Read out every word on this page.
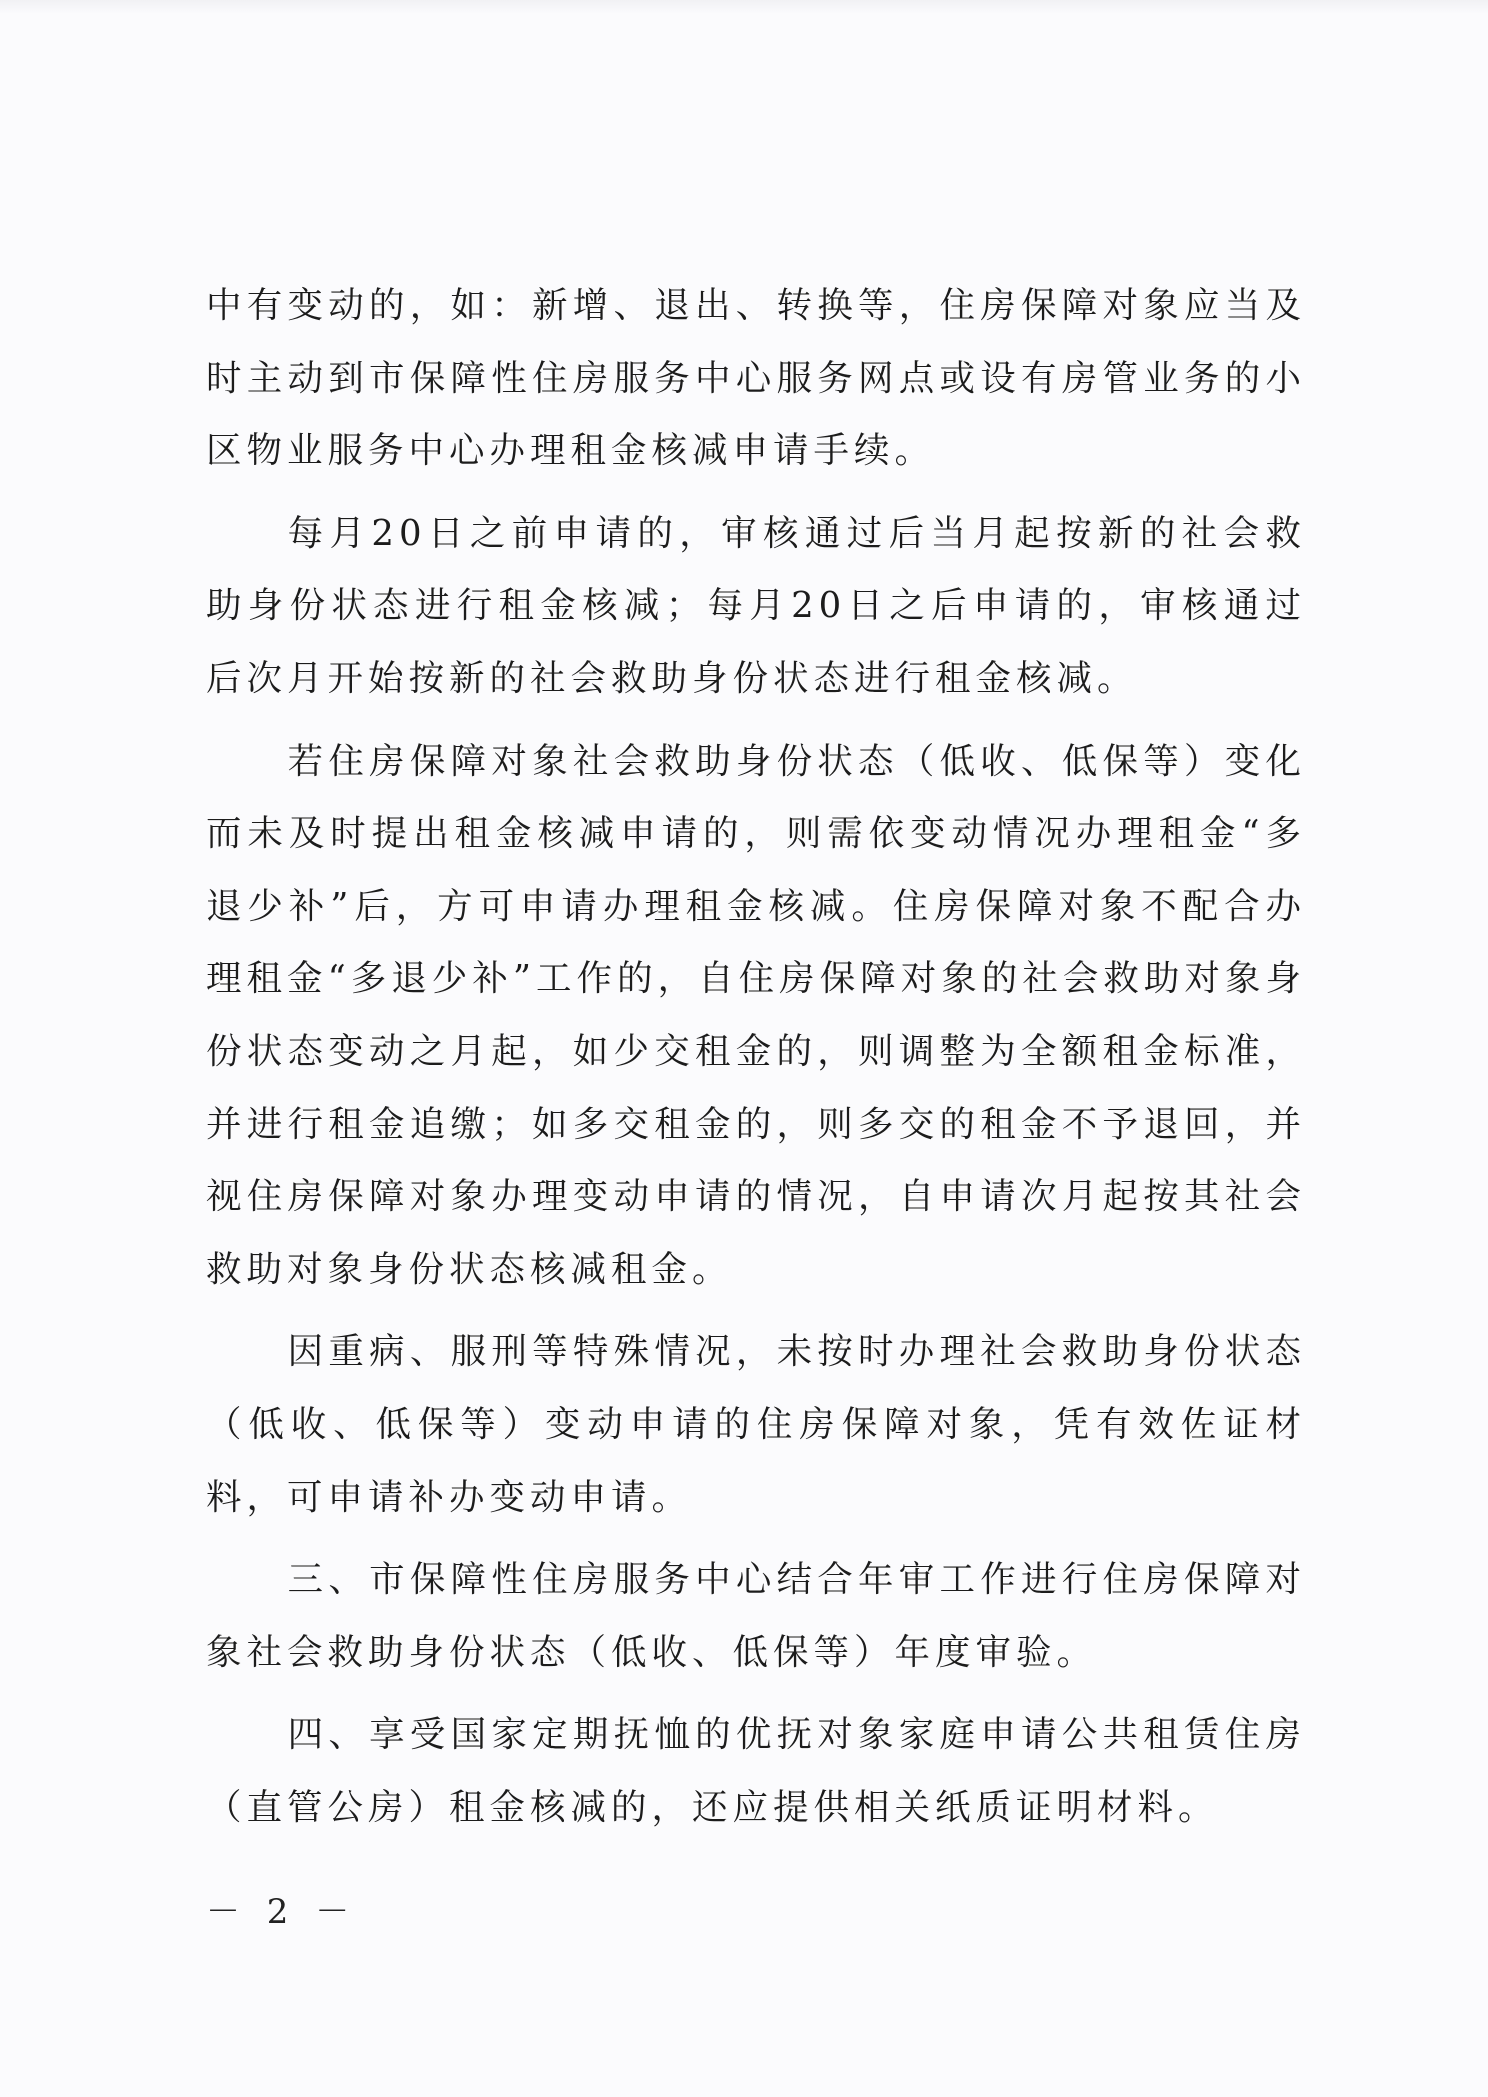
中有变动的，如：新增、退出、转换等，住房保障对象应当及时主动到市保障性住房服务中心服务网点或设有房管业务的小区物业服务中心办理租金核减申请手续。

每月20日之前申请的，审核通过后当月起按新的社会救助身份状态进行租金核减；每月20日之后申请的，审核通过后次月开始按新的社会救助身份状态进行租金核减。

若住房保障对象社会救助身份状态（低收、低保等）变化而未及时提出租金核减申请的，则需依变动情况办理租金“多退少补”后，方可申请办理租金核减。住房保障对象不配合办理租金“多退少补”工作的，自住房保障对象的社会救助对象身份状态变动之月起，如少交租金的，则调整为全额租金标准，并进行租金追缴；如多交租金的，则多交的租金不予退回，并视住房保障对象办理变动申请的情况，自申请次月起按其社会救助对象身份状态核减租金。

因重病、服刑等特殊情况，未按时办理社会救助身份状态（低收、低保等）变动申请的住房保障对象，凭有效佐证材料，可申请补办变动申请。

三、市保障性住房服务中心结合年审工作进行住房保障对象社会救助身份状态（低收、低保等）年度审验。

四、享受国家定期抚恤的优抚对象家庭申请公共租赁住房（直管公房）租金核减的，还应提供相关纸质证明材料。

－ 2 －
